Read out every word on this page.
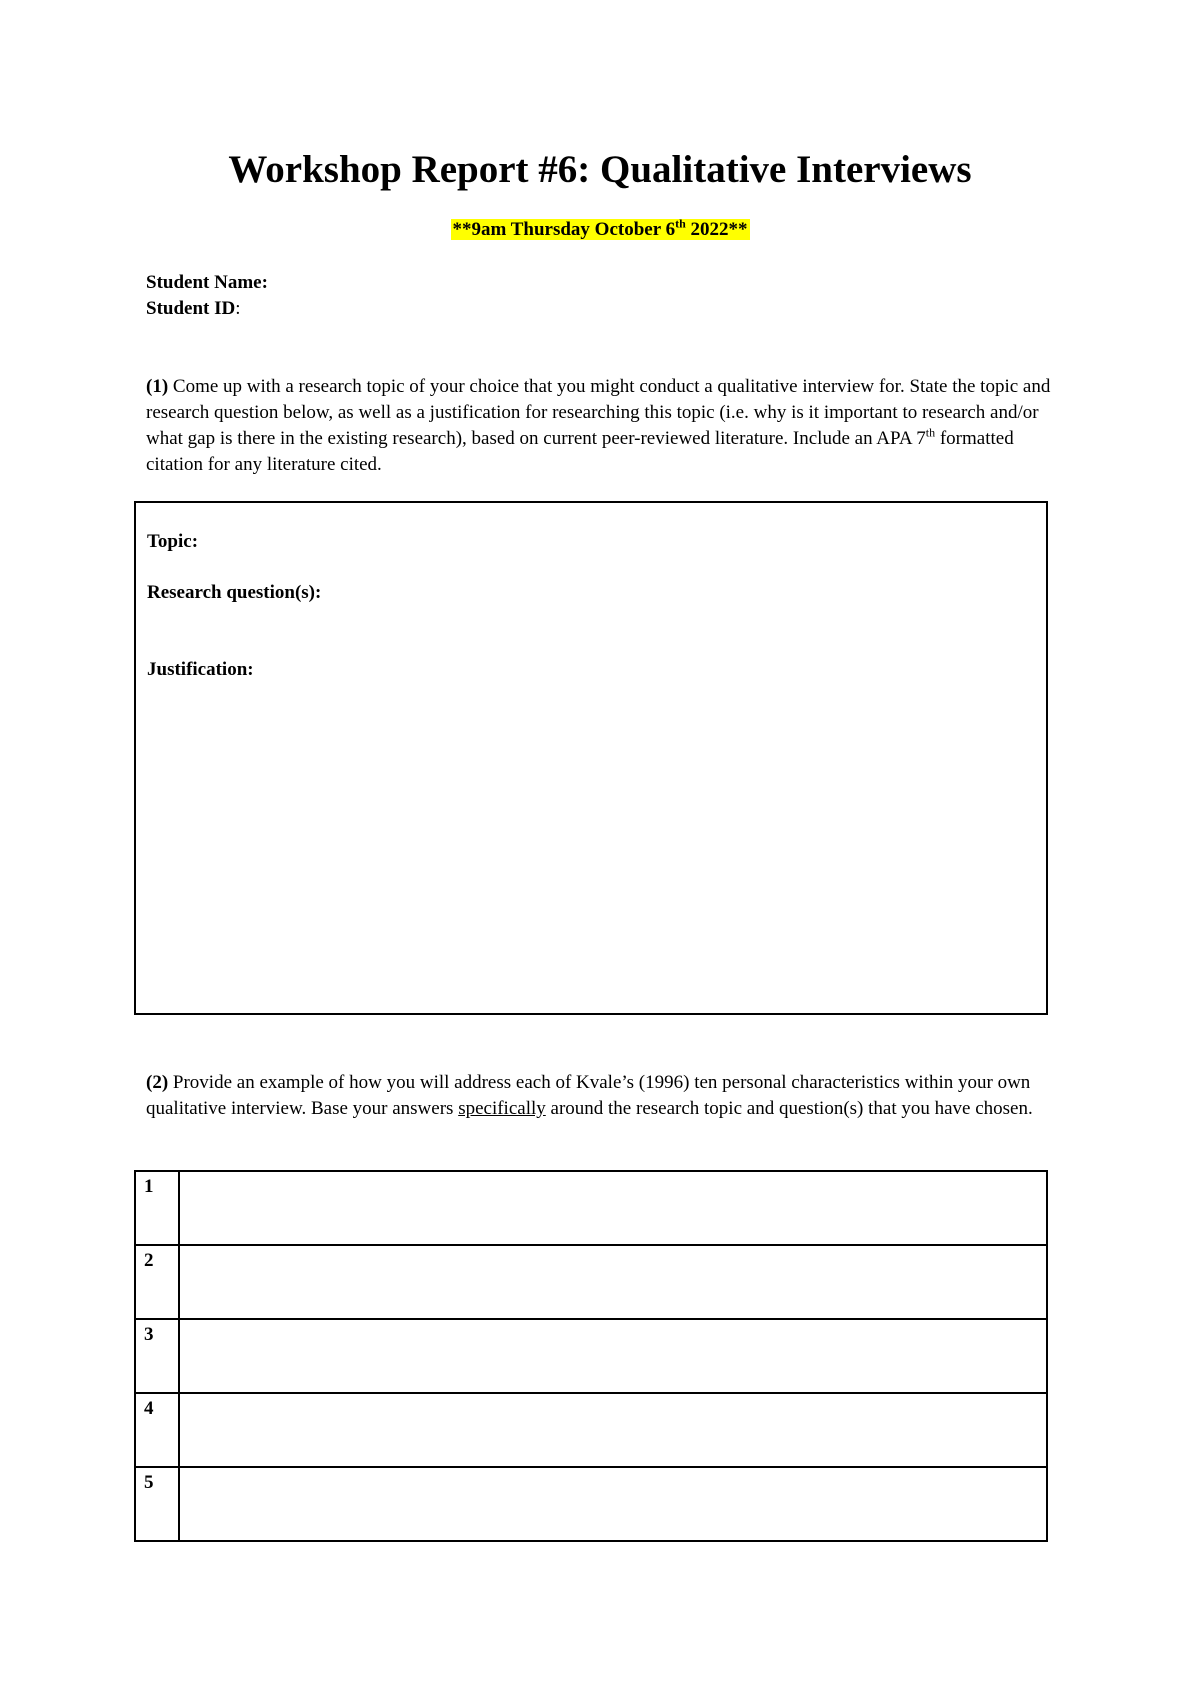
Workshop Report #6: Qualitative Interviews
**9am Thursday October 6th 2022**
Student Name:
Student ID:
(1) Come up with a research topic of your choice that you might conduct a qualitative interview for. State the topic and research question below, as well as a justification for researching this topic (i.e. why is it important to research and/or what gap is there in the existing research), based on current peer-reviewed literature. Include an APA 7th formatted citation for any literature cited.
Topic:
Research question(s):
Justification:
(2) Provide an example of how you will address each of Kvale’s (1996) ten personal characteristics within your own qualitative interview. Base your answers specifically around the research topic and question(s) that you have chosen.
1	
2	
3	
4	
5	
